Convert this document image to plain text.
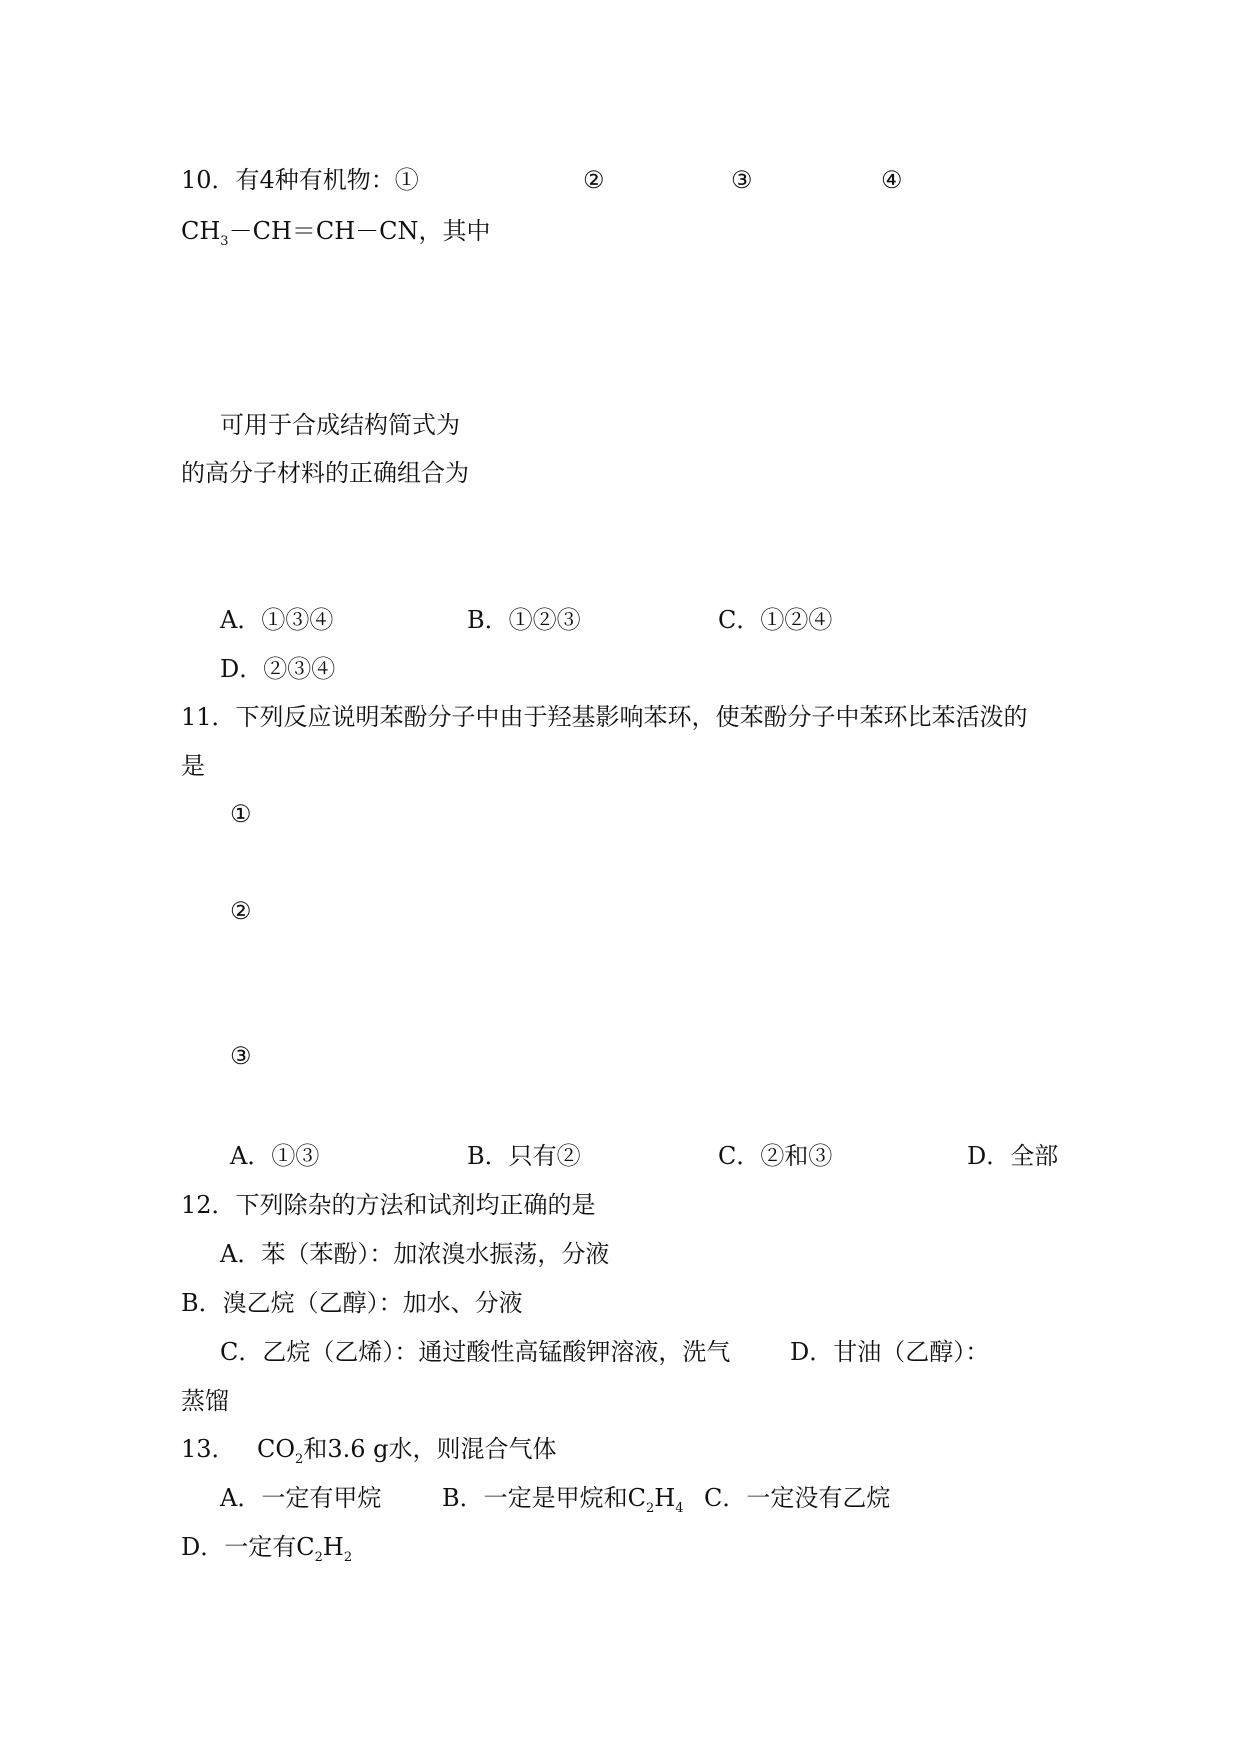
10．有4种有机物：①	②	③	④
$CH_3-CH=CH-CN$，其中
可用于合成结构简式为
的高分子材料的正确组合为
A．①③④	B．①②③	C．①②④
D．②③④
11．下列反应说明苯酚分子中由于羟基影响苯环，使苯酚分子中苯环比苯活泼的
是
①
②
③
A．①③	B．只有②	C．②和③	D．全部
12．下列除杂的方法和试剂均正确的是
A．苯（苯酚）：加浓溴水振荡，分液
B．溴乙烷（乙醇）：加水、分液
C．乙烷（乙烯）：通过酸性高锰酸钾溶液，洗气 D．甘油（乙醇）：
蒸馏
13． $CO_2$和3.6 g水，则混合气体
A．一定有甲烷	B．一定是甲烷和$C_2H_4$ C．一定没有乙烷
D．一定有$C_2H_2$
